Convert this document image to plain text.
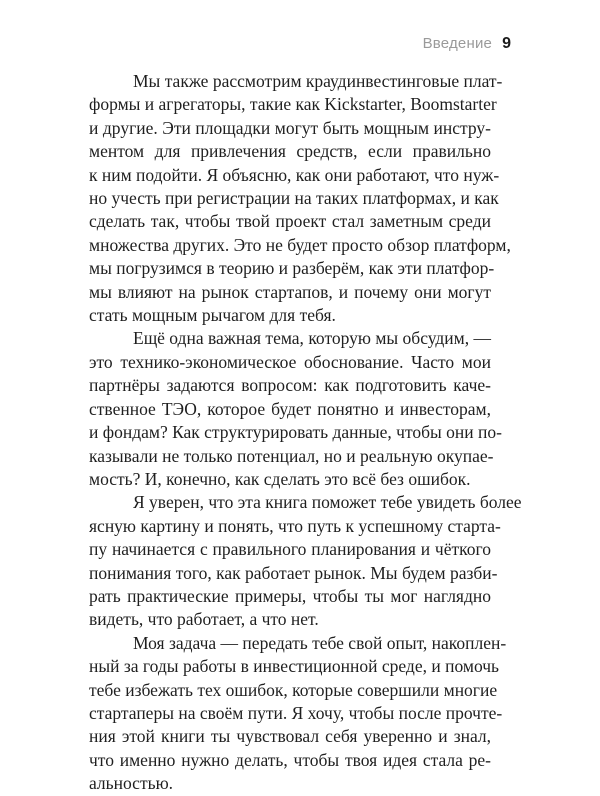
Введение 9

Мы также рассмотрим краудинвестинговые плат-
формы и агрегаторы, такие как Kickstarter, Boomstarter
и другие. Эти площадки могут быть мощным инстру-
ментом для привлечения средств, если правильно
к ним подойти. Я объясню, как они работают, что нуж-
но учесть при регистрации на таких платформах, и как
сделать так, чтобы твой проект стал заметным среди
множества других. Это не будет просто обзор платформ,
мы погрузимся в теорию и разберём, как эти платфор-
мы влияют на рынок стартапов, и почему они могут
стать мощным рычагом для тебя.

Ещё одна важная тема, которую мы обсудим, —
это технико-экономическое обоснование. Часто мои
партнёры задаются вопросом: как подготовить каче-
ственное ТЭО, которое будет понятно и инвесторам,
и фондам? Как структурировать данные, чтобы они по-
казывали не только потенциал, но и реальную окупае-
мость? И, конечно, как сделать это всё без ошибок.

Я уверен, что эта книга поможет тебе увидеть более
ясную картину и понять, что путь к успешному старта-
пу начинается с правильного планирования и чёткого
понимания того, как работает рынок. Мы будем разби-
рать практические примеры, чтобы ты мог наглядно
видеть, что работает, а что нет.

Моя задача — передать тебе свой опыт, накоплен-
ный за годы работы в инвестиционной среде, и помочь
тебе избежать тех ошибок, которые совершили многие
стартаперы на своём пути. Я хочу, чтобы после прочте-
ния этой книги ты чувствовал себя уверенно и знал,
что именно нужно делать, чтобы твоя идея стала ре-
альностью.
